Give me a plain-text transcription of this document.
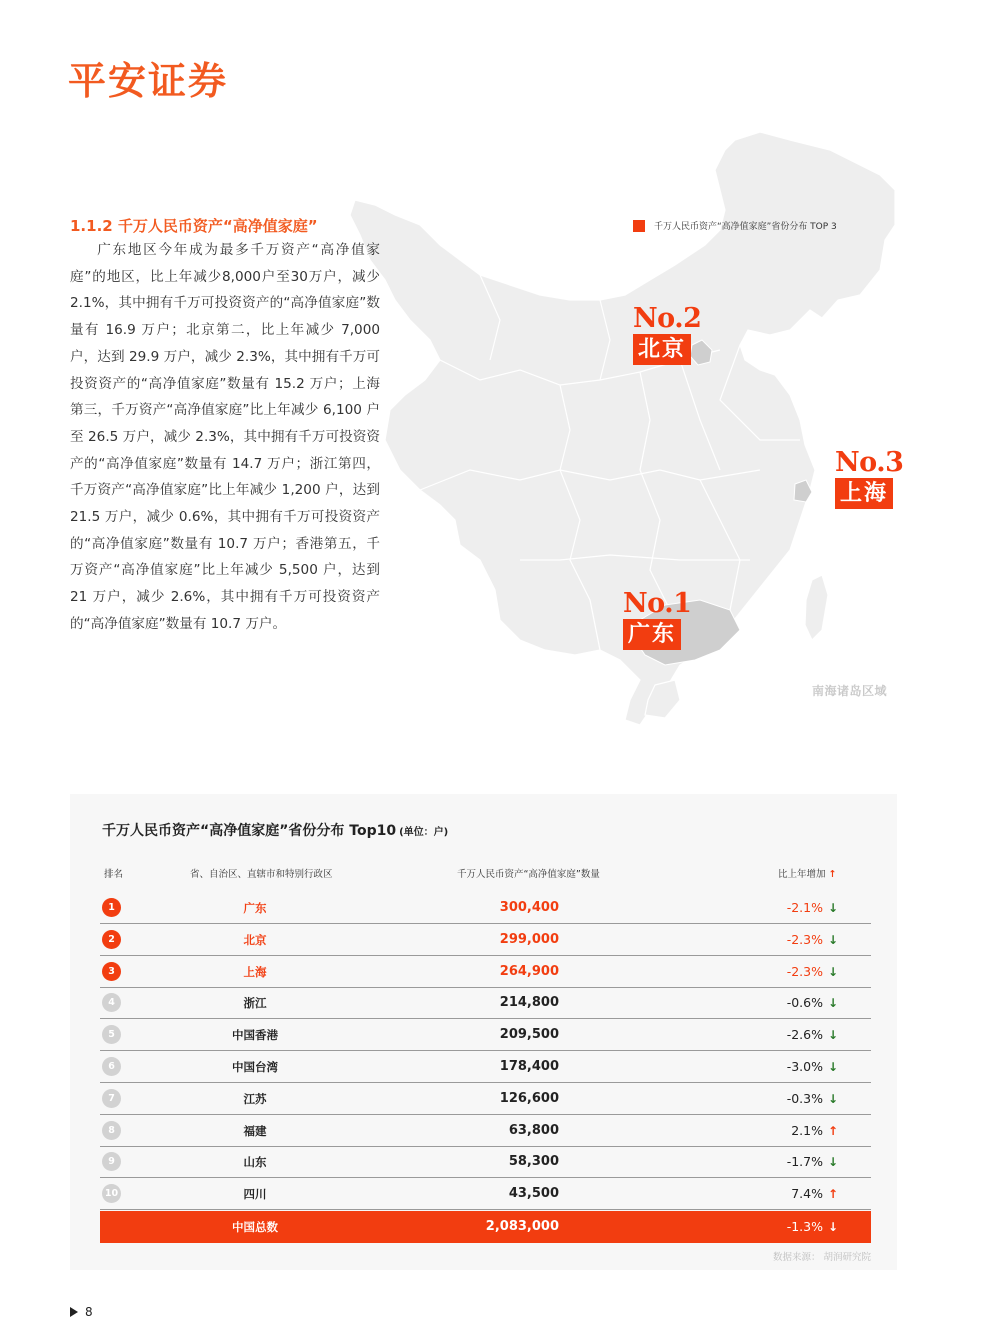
平安证券
千万人民币资产“高净值家庭”省份分布 TOP 3
No.2
北京
No.3
上海
No.1
广东
南海诸岛区域
1.1.2 千万人民币资产“高净值家庭”

广东地区今年成为最多千万资产“高净值家庭”的地区，比上年减少8,000户至30万户，减少 2.1%，其中拥有千万可投资资产的“高净值家庭”数量有 16.9 万户；北京第二，比上年减少 7,000 户，达到 29.9 万户，减少 2.3%，其中拥有千万可投资资产的“高净值家庭”数量有 15.2 万户；上海第三，千万资产“高净值家庭”比上年减少 6,100 户至 26.5 万户，减少 2.3%，其中拥有千万可投资资产的“高净值家庭”数量有 14.7 万户；浙江第四，千万资产“高净值家庭”比上年减少 1,200 户，达到 21.5 万户，减少 0.6%，其中拥有千万可投资资产的“高净值家庭”数量有 10.7 万户；香港第五，千万资产“高净值家庭”比上年减少 5,500 户，达到 21 万户，减少 2.6%，其中拥有千万可投资资产的“高净值家庭”数量有 10.7 万户。

千万人民币资产“高净值家庭”省份分布 Top10 (单位：户)
排名	省、自治区、直辖市和特别行政区	千万人民币资产“高净值家庭”数量	比上年增加 ↑
1	广东	300,400	-2.1% ↓
2	北京	299,000	-2.3% ↓
3	上海	264,900	-2.3% ↓
4	浙江	214,800	-0.6% ↓
5	中国香港	209,500	-2.6% ↓
6	中国台湾	178,400	-3.0% ↓
7	江苏	126,600	-0.3% ↓
8	福建	63,800	2.1% ↑
9	山东	58,300	-1.7% ↓
10	四川	43,500	7.4% ↑
中国总数	2,083,000	-1.3% ↓
数据来源： 胡润研究院
8
